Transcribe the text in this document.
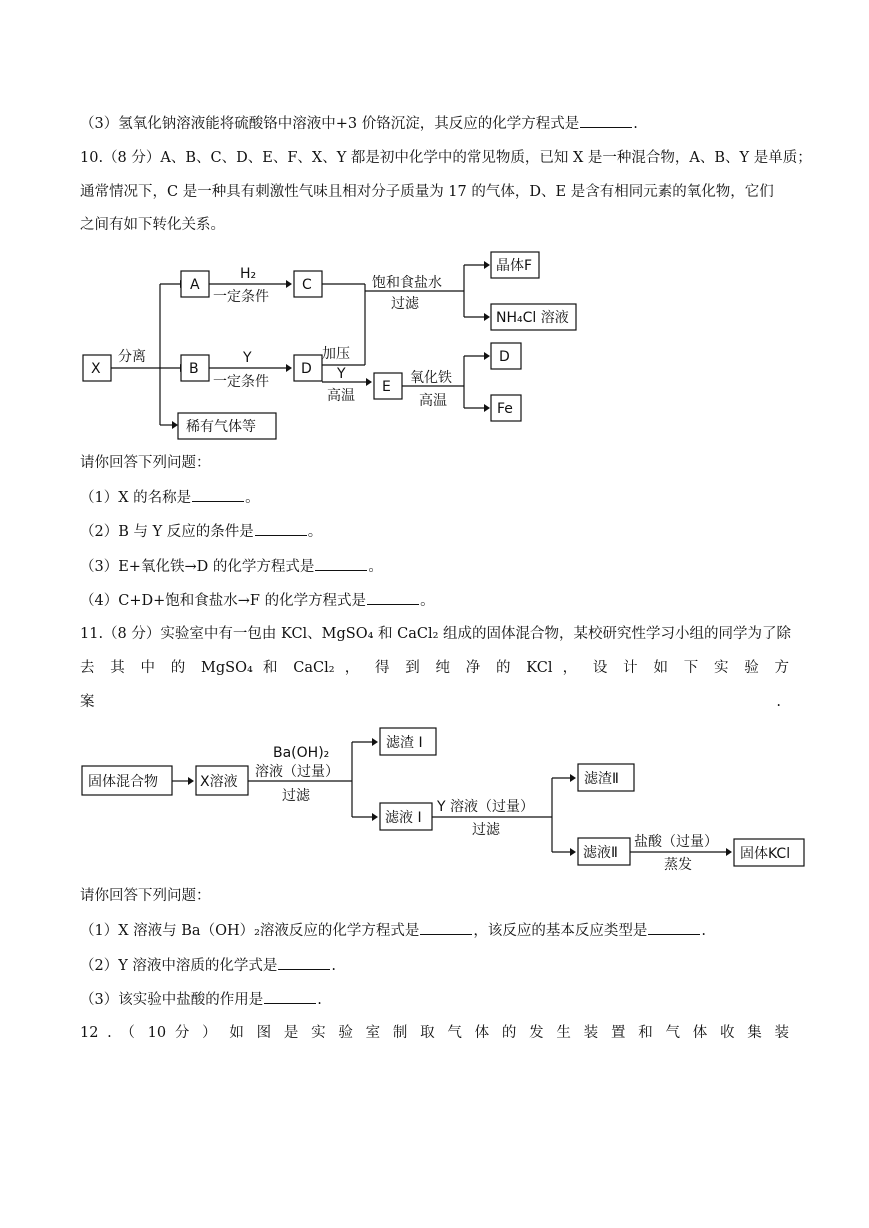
（3）氢氧化钠溶液能将硫酸铬中溶液中+3 价铬沉淀，其反应的化学方程式是	.
10.（8 分）A、B、C、D、E、F、X、Y 都是初中化学中的常见物质，已知 X 是一种混合物，A、B、Y 是单质；
通常情况下，C 是一种具有刺激性气味且相对分子质量为 17 的气体，D、E 是含有相同元素的氧化物，它们
之间有如下转化关系。
X
分离
A
H₂
一定条件
C
B
Y
一定条件
D
加压
Y
高温
稀有气体等
饱和食盐水
过滤
晶体F
NH₄Cl 溶液
E
氧化铁
高温
D
Fe
固体混合物	X溶液
Ba(OH)₂
溶液（过量）
过滤
滤渣 I
滤液 I
Y 溶液（过量）
过滤
滤渣Ⅱ
滤液Ⅱ
盐酸（过量）
蒸发
固体KCl
请你回答下列问题：
（1）X 的名称是	。
（2）B 与 Y 反应的条件是	。
（3）E+氧化铁→D 的化学方程式是	。
（4）C+D+饱和食盐水→F 的化学方程式是	。
11.（8 分）实验室中有一包由 KCl、MgSO₄ 和 CaCl₂ 组成的固体混合物，某校研究性学习小组的同学为了除
去 其 中 的 MgSO₄ 和 CaCl₂ ， 得 到 纯 净 的 KCl ， 设 计 如 下 实 验 方
案	.
请你回答下列问题：
（1）X 溶液与 Ba（OH）₂溶液反应的化学方程式是	，该反应的基本反应类型是	.
（2）Y 溶液中溶质的化学式是	.
（3）该实验中盐酸的作用是	.
12 . （ 10 分 ） 如 图 是 实 验 室 制 取 气 体 的 发 生 装 置 和 气 体 收 集 装
